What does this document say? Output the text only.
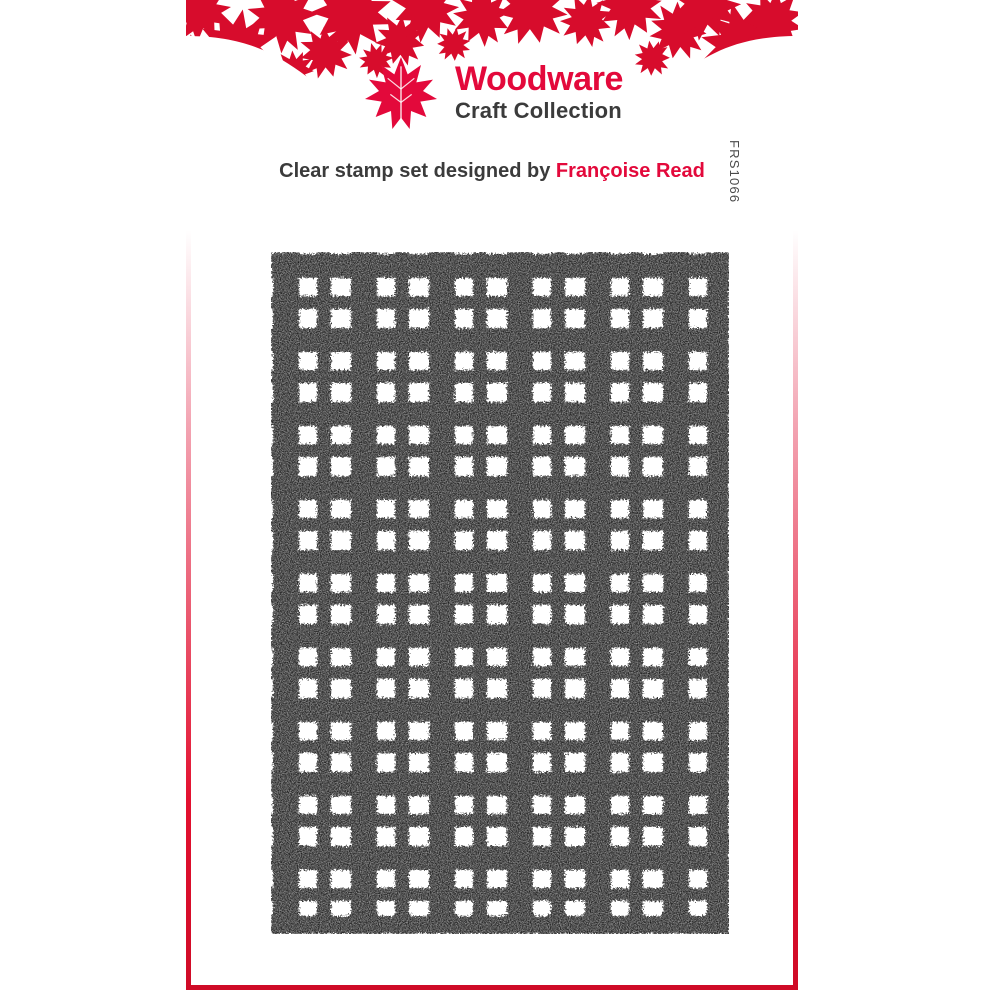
Woodware
Craft Collection
Clear stamp set designed by Françoise Read	FRS1066
